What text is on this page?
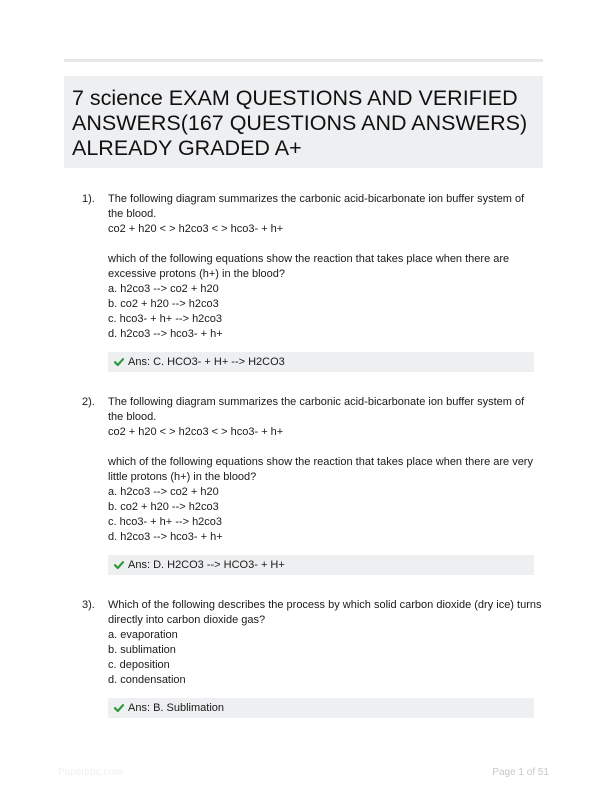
7 science EXAM QUESTIONS AND VERIFIED ANSWERS(167 QUESTIONS AND ANSWERS) ALREADY GRADED A+
1). The following diagram summarizes the carbonic acid-bicarbonate ion buffer system of the blood.

co2 + h20 < > h2co3 < > hco3- + h+

which of the following equations show the reaction that takes place when there are excessive protons (h+) in the blood?

a. h2co3 --> co2 + h20

b. co2 + h20 --> h2co3

c. hco3- + h+ --> h2co3

d. h2co3 --> hco3- + h+

Ans: C. HCO3- + H+ --> H2CO3
2). The following diagram summarizes the carbonic acid-bicarbonate ion buffer system of the blood.

co2 + h20 < > h2co3 < > hco3- + h+

which of the following equations show the reaction that takes place when there are very little protons (h+) in the blood?

a. h2co3 --> co2 + h20

b. co2 + h20 --> h2co3

c. hco3- + h+ --> h2co3

d. h2co3 --> hco3- + h+

Ans: D. H2CO3 --> HCO3- + H+
3). Which of the following describes the process by which solid carbon dioxide (dry ice) turns directly into carbon dioxide gas?

a. evaporation

b. sublimation

c. deposition

d. condensation

Ans: B. Sublimation
Paperbbc.com	Page 1 of 51
